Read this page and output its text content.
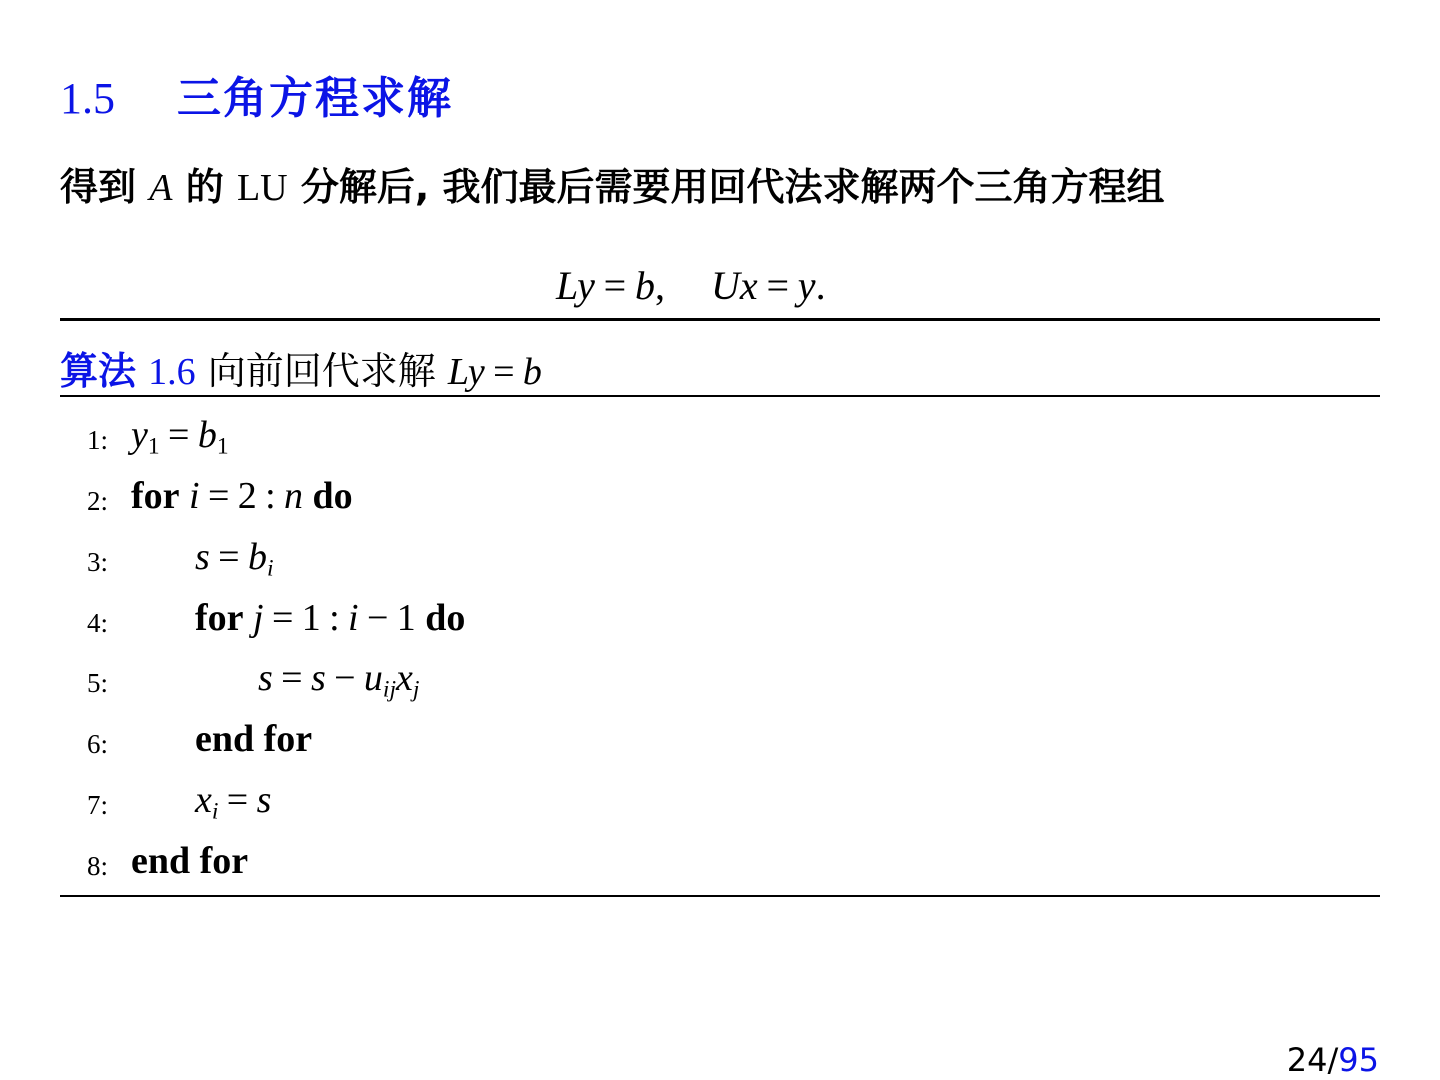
1.5 三角方程求解
得到 A 的 LU 分解后, 我们最后需要用回代法求解两个三角方程组
Ly = b, Ux = y.
算法 1.6 向前回代求解 Ly = b
1:
2:
3:
4:
5:
6:
7:
8:
$y_1 = b_1$
for i = 2 : n do
$s = b_i$
for j = 1 : i − 1 do
$s = s - u_{ij}x_j$
end for
$x_i = s$
end for
24/95
